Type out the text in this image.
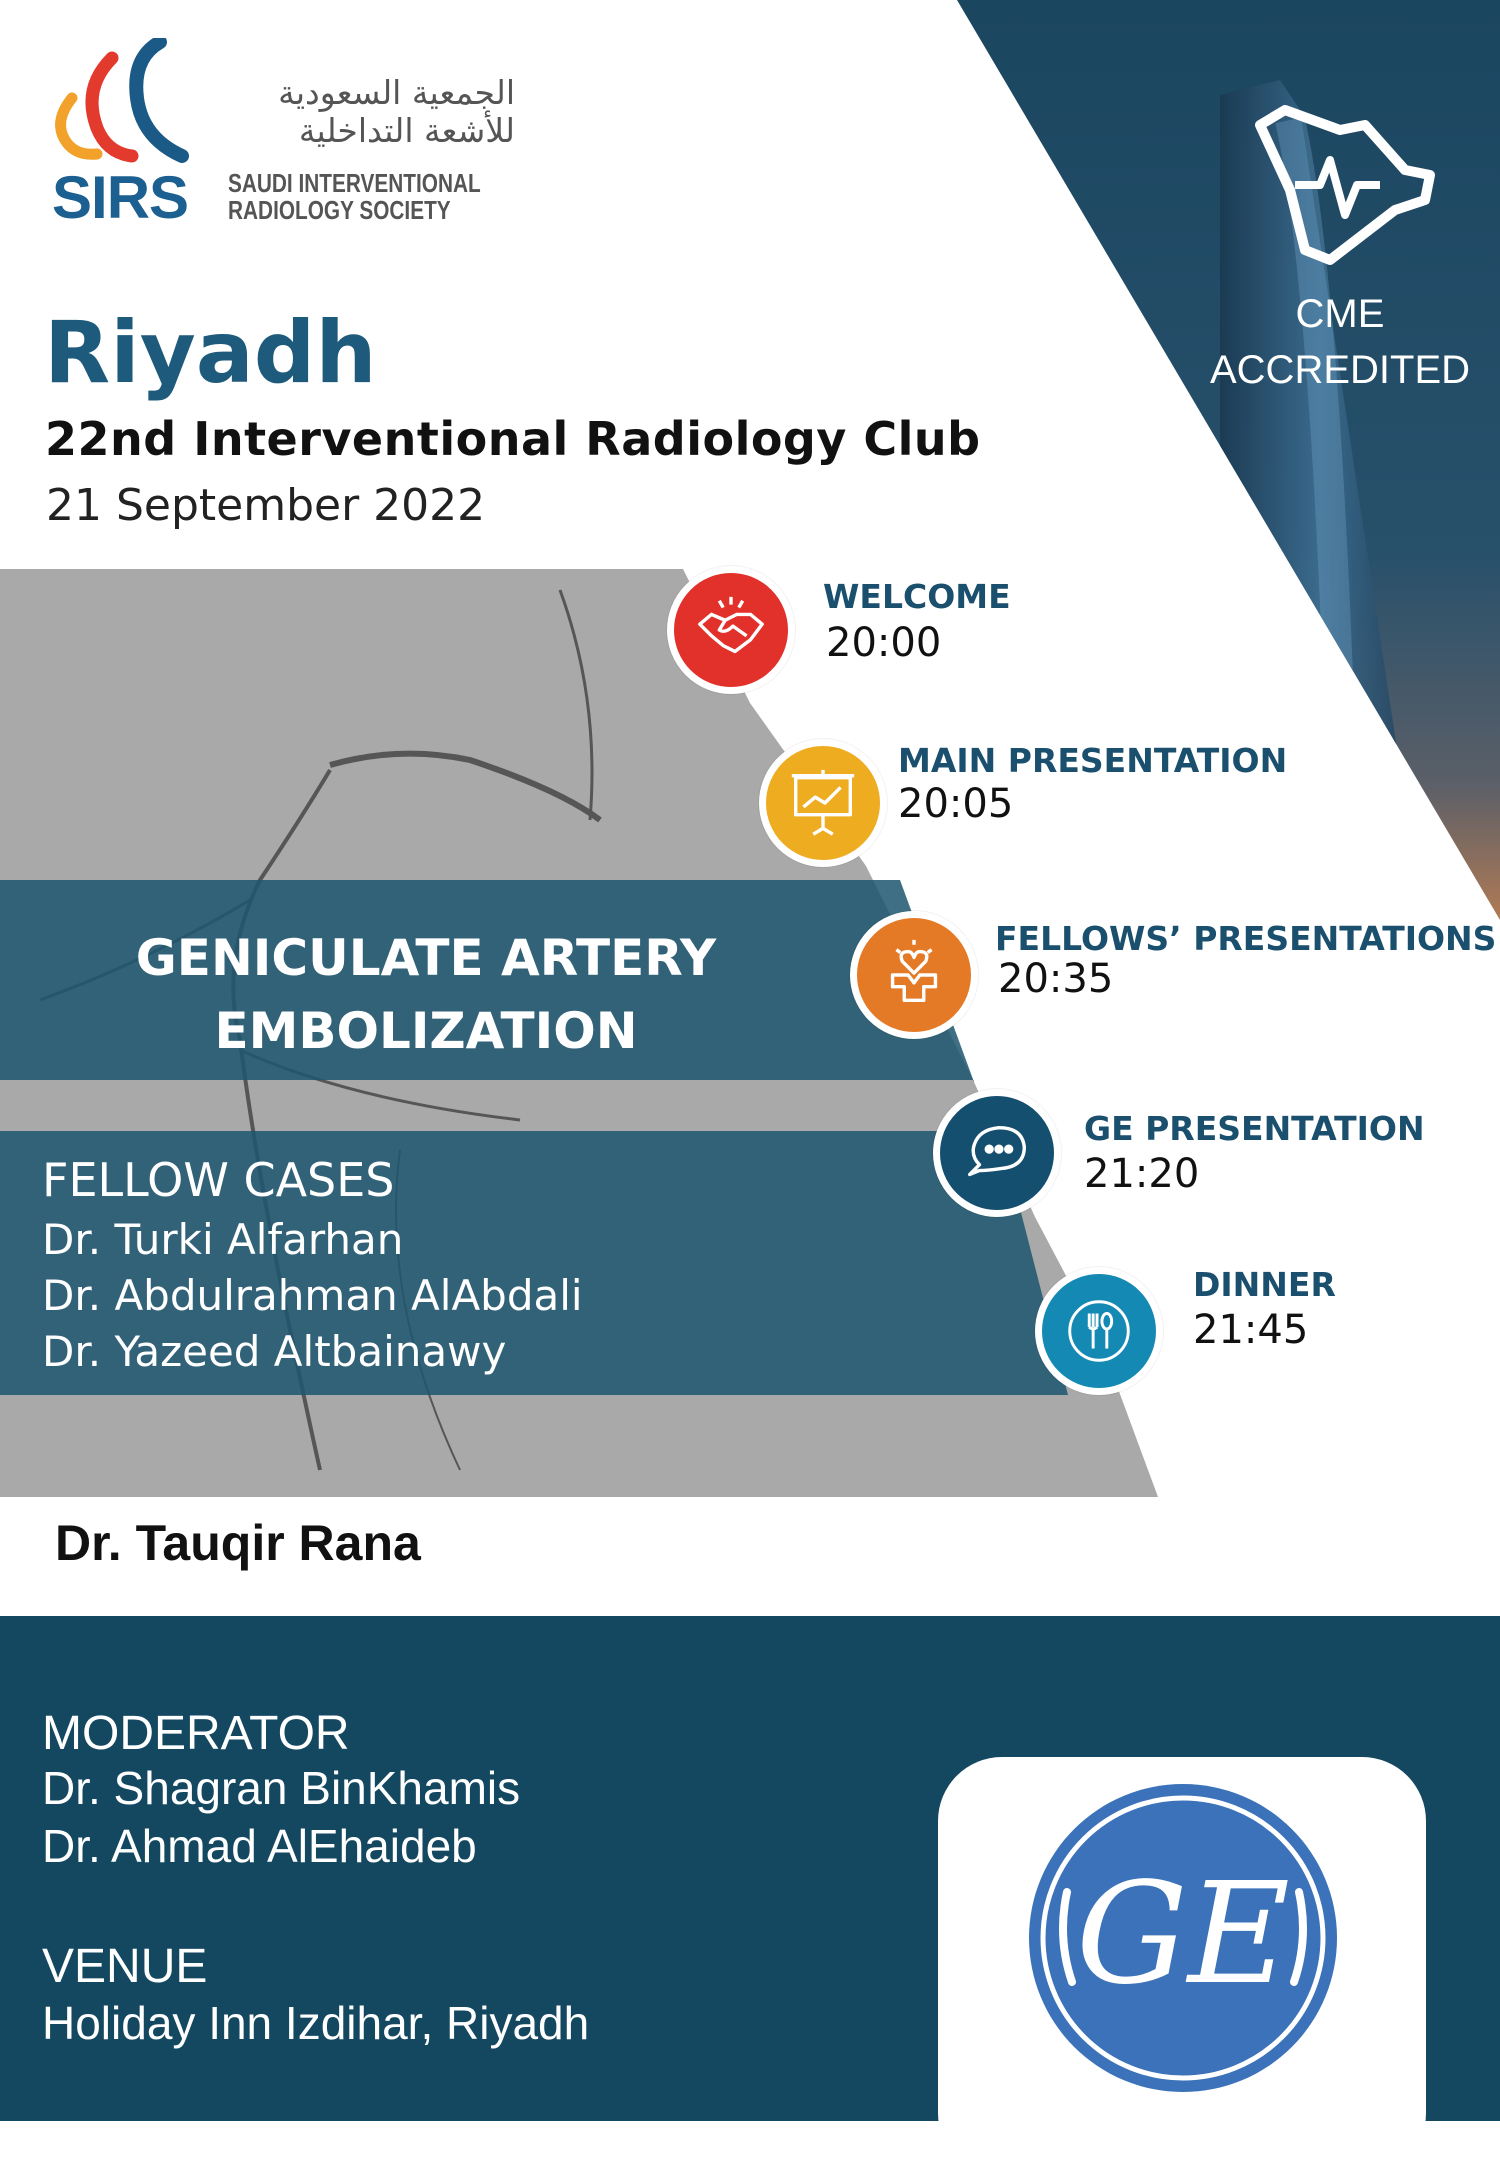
SIRS
الجمعية السعودية
للأشعة التداخلية
SAUDI INTERVENTIONAL
RADIOLOGY SOCIETY
CME
ACCREDITED
Riyadh
22nd Interventional Radiology Club
21 September 2022
GENICULATE ARTERY
EMBOLIZATION
FELLOW CASES
Dr. Turki Alfarhan
Dr. Abdulrahman AlAbdali
Dr. Yazeed Altbainawy
WELCOME
20:00
MAIN PRESENTATION
20:05
FELLOWS’ PRESENTATIONS
20:35
GE PRESENTATION
21:20
DINNER
21:45
Dr. Tauqir Rana
MODERATOR
Dr. Shagran BinKhamis
Dr. Ahmad AlEhaideb
VENUE
Holiday Inn Izdihar, Riyadh
GE
